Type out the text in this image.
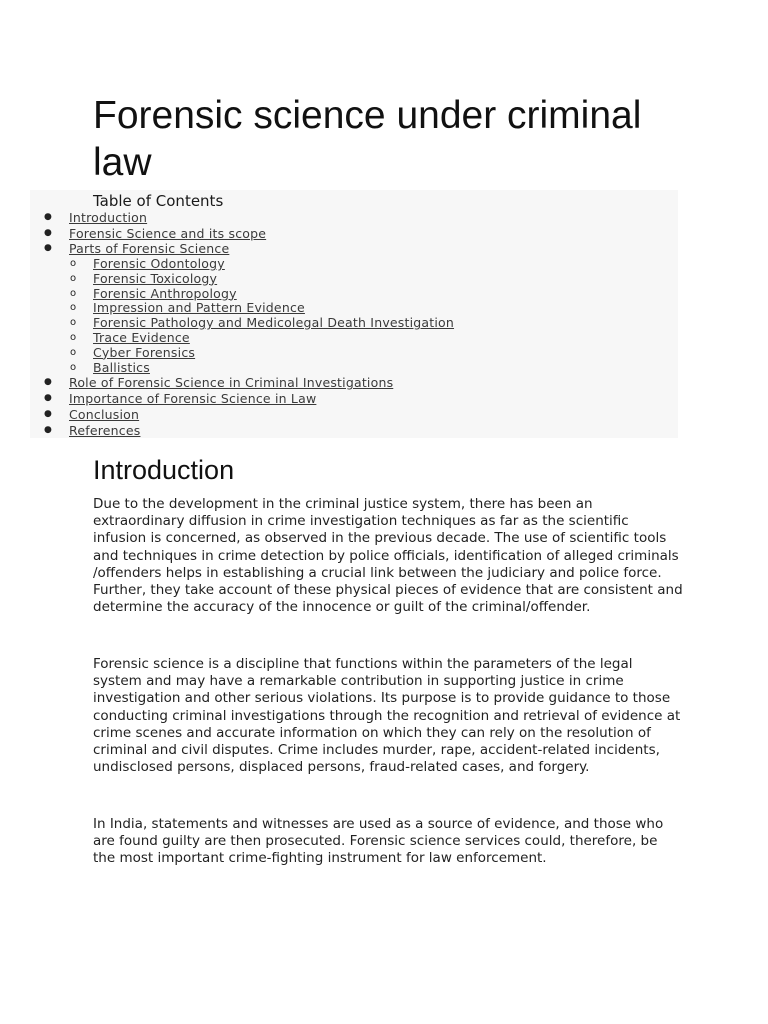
Forensic science under criminal law
Table of Contents
● Introduction
● Forensic Science and its scope
● Parts of Forensic Science
o Forensic Odontology
o Forensic Toxicology
o Forensic Anthropology
o Impression and Pattern Evidence
o Forensic Pathology and Medicolegal Death Investigation
o Trace Evidence
o Cyber Forensics
o Ballistics
● Role of Forensic Science in Criminal Investigations
● Importance of Forensic Science in Law
● Conclusion
● References
Introduction

Due to the development in the criminal justice system, there has been an extraordinary diffusion in crime investigation techniques as far as the scientific infusion is concerned, as observed in the previous decade. The use of scientific tools and techniques in crime detection by police officials, identification of alleged criminals /offenders helps in establishing a crucial link between the judiciary and police force. Further, they take account of these physical pieces of evidence that are consistent and determine the accuracy of the innocence or guilt of the criminal/offender.

Forensic science is a discipline that functions within the parameters of the legal system and may have a remarkable contribution in supporting justice in crime investigation and other serious violations. Its purpose is to provide guidance to those conducting criminal investigations through the recognition and retrieval of evidence at crime scenes and accurate information on which they can rely on the resolution of criminal and civil disputes. Crime includes murder, rape, accident-related incidents, undisclosed persons, displaced persons, fraud-related cases, and forgery.

In India, statements and witnesses are used as a source of evidence, and those who are found guilty are then prosecuted. Forensic science services could, therefore, be the most important crime-fighting instrument for law enforcement.
